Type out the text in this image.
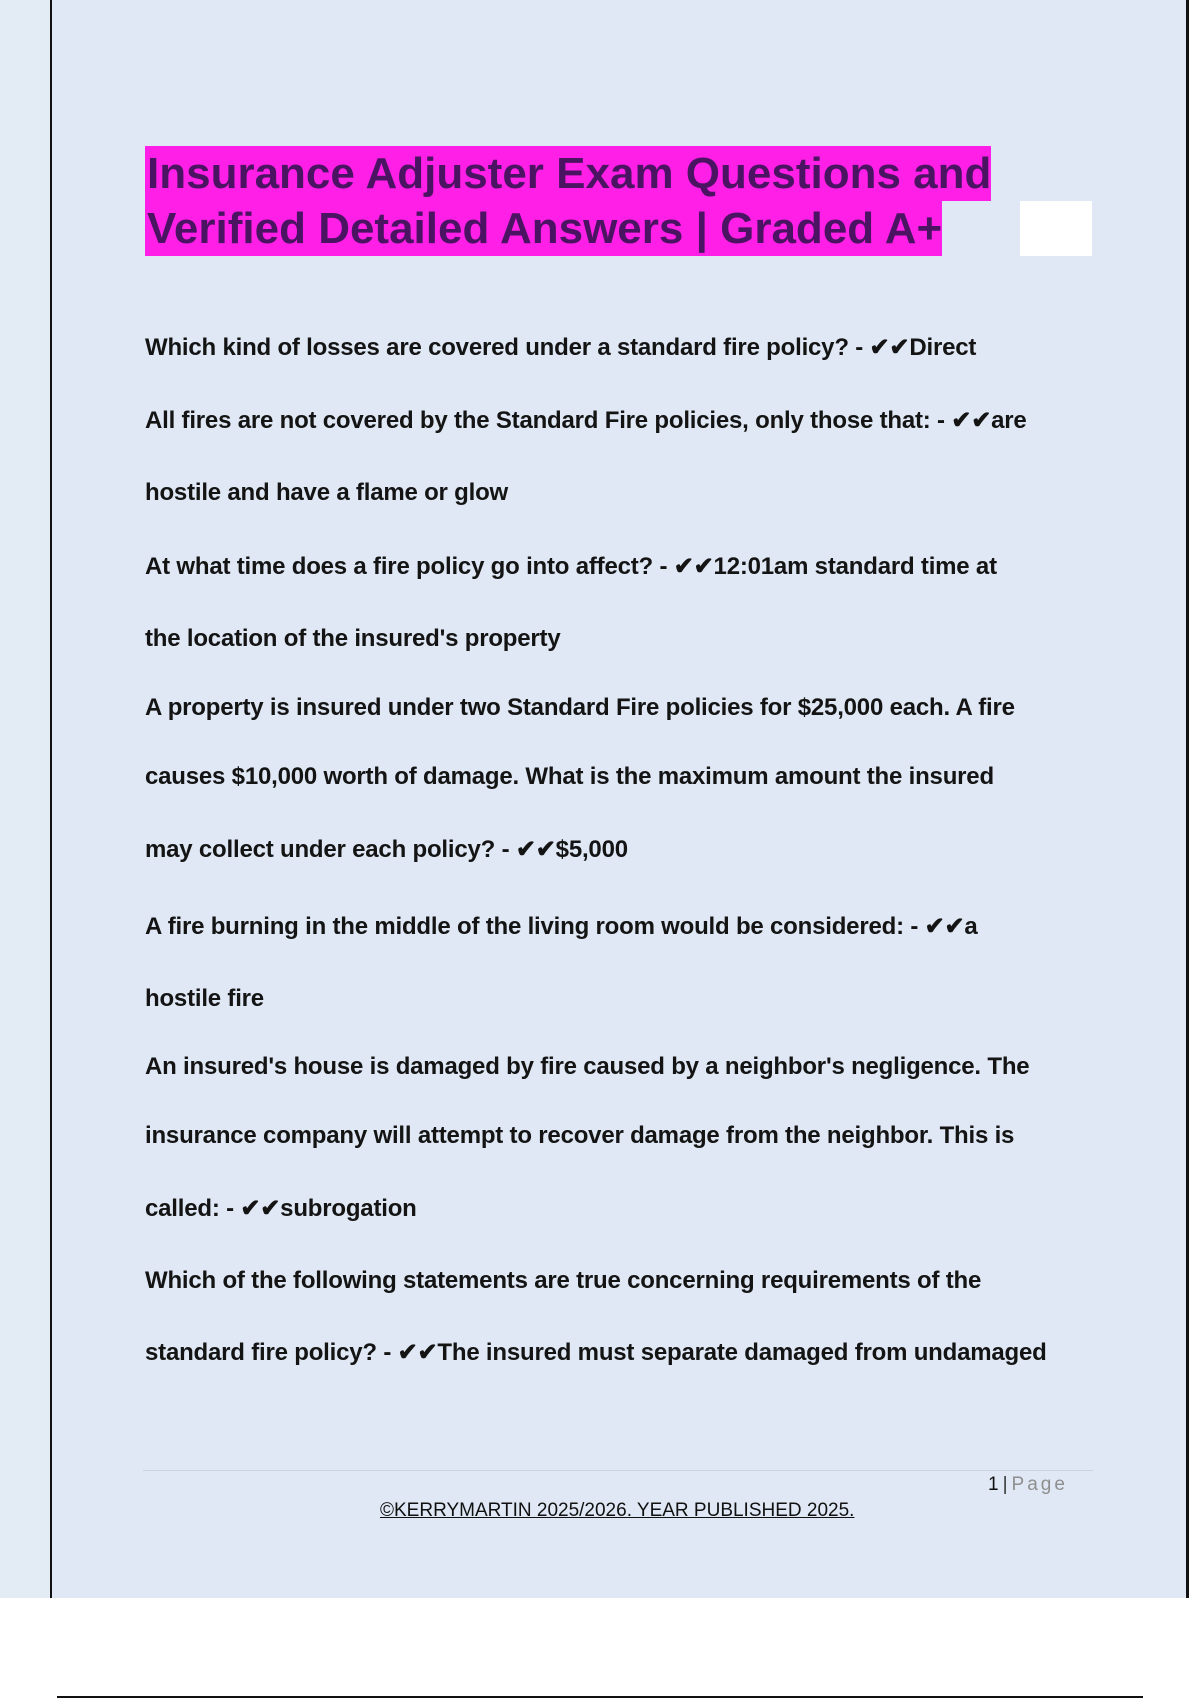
Insurance Adjuster Exam Questions and
Verified Detailed Answers | Graded A+
Which kind of losses are covered under a standard fire policy? - ✔✔Direct
All fires are not covered by the Standard Fire policies, only those that: - ✔✔are
hostile and have a flame or glow
At what time does a fire policy go into affect? - ✔✔12:01am standard time at
the location of the insured's property
A property is insured under two Standard Fire policies for $25,000 each. A fire
causes $10,000 worth of damage. What is the maximum amount the insured
may collect under each policy? - ✔✔$5,000
A fire burning in the middle of the living room would be considered: - ✔✔a
hostile fire
An insured's house is damaged by fire caused by a neighbor's negligence. The
insurance company will attempt to recover damage from the neighbor. This is
called: - ✔✔subrogation
Which of the following statements are true concerning requirements of the
standard fire policy? - ✔✔The insured must separate damaged from undamaged
1 | Page
©KERRYMARTIN 2025/2026. YEAR PUBLISHED 2025.
